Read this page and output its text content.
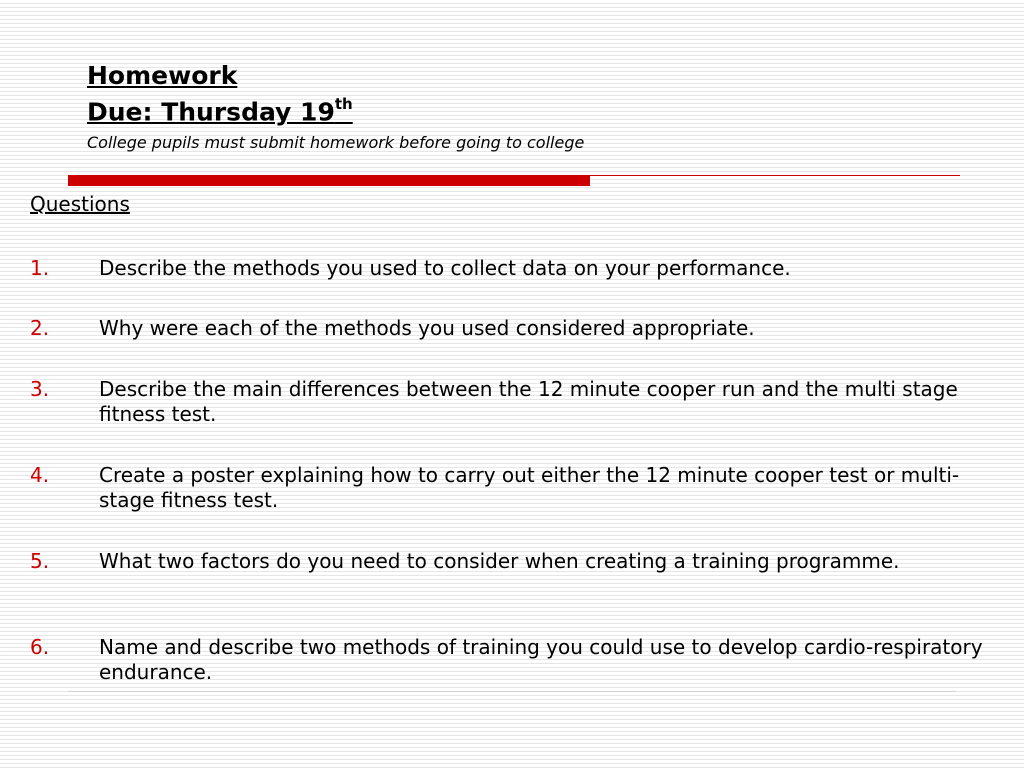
Homework
Due: Thursday 19th
College pupils must submit homework before going to college
Questions
1. Describe the methods you used to collect data on your performance.
2. Why were each of the methods you used considered appropriate.
3. Describe the main differences between the 12 minute cooper run and the multi stage fitness test.
4. Create a poster explaining how to carry out either the 12 minute cooper test or multi-stage fitness test.
5. What two factors do you need to consider when creating a training programme.
6. Name and describe two methods of training you could use to develop cardio-respiratory endurance.
